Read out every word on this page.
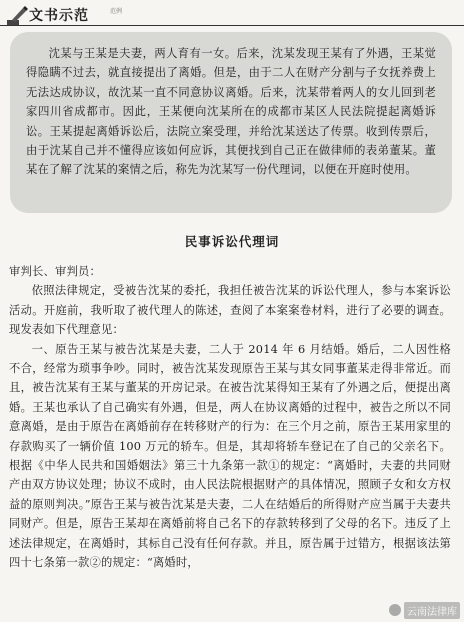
文书示范	范例

沈某与王某是夫妻，两人育有一女。后来，沈某发现王某有了外遇，王某觉得隐瞒不过去，就直接提出了离婚。但是，由于二人在财产分割与子女抚养费上无法达成协议，故沈某一直不同意协议离婚。后来，沈某带着两人的女儿回到老家四川省成都市。因此，王某便向沈某所在的成都市某区人民法院提起离婚诉讼。王某提起离婚诉讼后，法院立案受理，并给沈某送达了传票。收到传票后，由于沈某自己并不懂得应该如何应诉，其便找到自己正在做律师的表弟董某。董某在了解了沈某的案情之后，称先为沈某写一份代理词，以便在开庭时使用。

民事诉讼代理词

审判长、审判员：

依照法律规定，受被告沈某的委托，我担任被告沈某的诉讼代理人，参与本案诉讼活动。开庭前，我听取了被代理人的陈述，查阅了本案案卷材料，进行了必要的调查。现发表如下代理意见：

一、原告王某与被告沈某是夫妻，二人于 2014 年 6 月结婚。婚后，二人因性格不合，经常为琐事争吵。同时，被告沈某发现原告王某与其女同事董某走得非常近。而且，被告沈某有王某与董某的开房记录。在被告沈某得知王某有了外遇之后，便提出离婚。王某也承认了自己确实有外遇，但是，两人在协议离婚的过程中，被告之所以不同意离婚，是由于原告在离婚前存在转移财产的行为：在三个月之前，原告王某用家里的存款购买了一辆价值 100 万元的轿车。但是，其却将轿车登记在了自己的父亲名下。根据《中华人民共和国婚姻法》第三十九条第一款①的规定：“离婚时，夫妻的共同财产由双方协议处理；协议不成时，由人民法院根据财产的具体情况，照顾子女和女方权益的原则判决。”原告王某与被告沈某是夫妻，二人在结婚后的所得财产应当属于夫妻共同财产。但是，原告王某却在离婚前将自己名下的存款转移到了父母的名下。违反了上述法律规定，在离婚时，其标自己没有任何存款。并且，原告属于过错方，根据该法第四十七条第一款②的规定：“离婚时，

云南法律库
